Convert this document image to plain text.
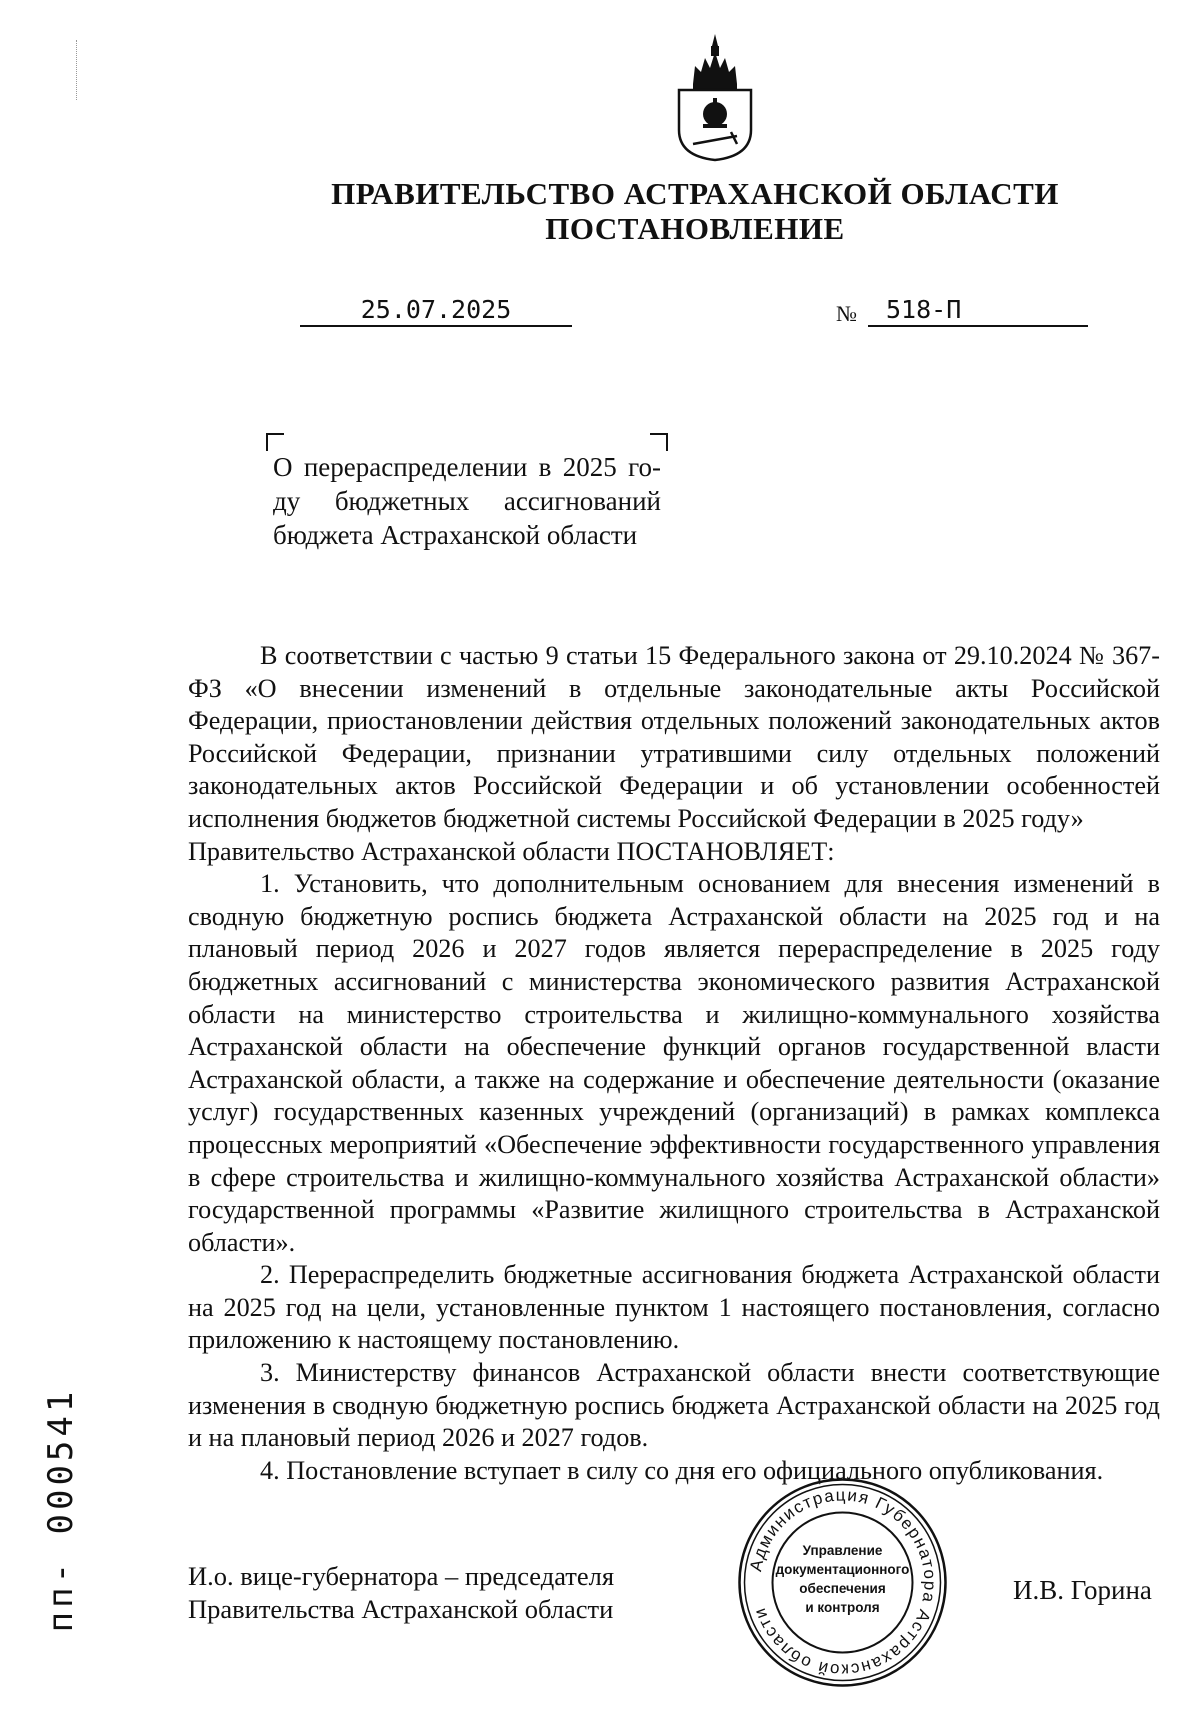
ПРАВИТЕЛЬСТВО АСТРАХАНСКОЙ ОБЛАСТИ
ПОСТАНОВЛЕНИЕ
25.07.2025	№	518-П
О перераспределении в 2025 го-
ду бюджетных ассигнований
бюджета Астраханской области

В соответствии с частью 9 статьи 15 Федерального закона от 29.10.2024 № 367-ФЗ «О внесении изменений в отдельные законодательные акты Российской Федерации, приостановлении действия отдельных положений законодательных актов Российской Федерации, признании утратившими силу отдельных положений законодательных актов Российской Федерации и об установлении особенностей исполнения бюджетов бюджетной системы Российской Федерации в 2025 году»

Правительство Астраханской области ПОСТАНОВЛЯЕТ:

1. Установить, что дополнительным основанием для внесения изменений в сводную бюджетную роспись бюджета Астраханской области на 2025 год и на плановый период 2026 и 2027 годов является перераспределение в 2025 году бюджетных ассигнований с министерства экономического развития Астраханской области на министерство строительства и жилищно-коммунального хозяйства Астраханской области на обеспечение функций органов государственной власти Астраханской области, а также на содержание и обеспечение деятельности (оказание услуг) государственных казенных учреждений (организаций) в рамках комплекса процессных мероприятий «Обеспечение эффективности государственного управления в сфере строительства и жилищно-коммунального хозяйства Астраханской области» государственной программы «Развитие жилищного строительства в Астраханской области».

2. Перераспределить бюджетные ассигнования бюджета Астраханской области на 2025 год на цели, установленные пунктом 1 настоящего постановления, согласно приложению к настоящему постановлению.

3. Министерству финансов Астраханской области внести соответствующие изменения в сводную бюджетную роспись бюджета Астраханской области на 2025 год и на плановый период 2026 и 2027 годов.

4. Постановление вступает в силу со дня его официального опубликования.

И.о. вице-губернатора – председателя
Правительства Астраханской области
Администрация Губернатора Астраханской области
Управление
документационного
обеспечения
и контроля
И.В. Горина
пп- 000541
